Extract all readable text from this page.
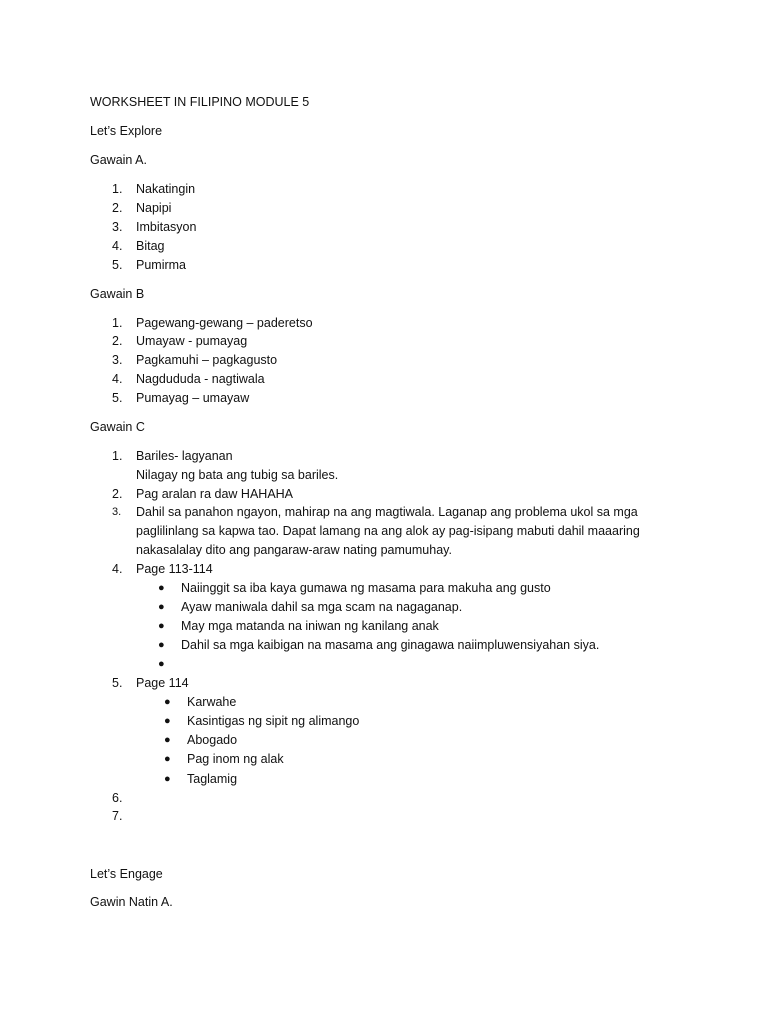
WORKSHEET IN FILIPINO MODULE 5
Let’s Explore
Gawain A.
1. Nakatingin
2. Napipi
3. Imbitasyon
4. Bitag
5. Pumirma
Gawain B
1. Pagewang-gewang – paderetso
2. Umayaw - pumayag
3. Pagkamuhi – pagkagusto
4. Nagdududa - nagtiwala
5. Pumayag – umayaw
Gawain C
1. Bariles- lagyanan
Nilagay ng bata ang tubig sa bariles.
2. Pag aralan ra daw HAHAHA
3. Dahil sa panahon ngayon, mahirap na ang magtiwala. Laganap ang problema ukol sa mga
paglilinlang sa kapwa tao. Dapat lamang na ang alok ay pag-isipang mabuti dahil maaaring
nakasalalay dito ang pangaraw-araw nating pamumuhay.
4. Page 113-114
● Naiinggit sa iba kaya gumawa ng masama para makuha ang gusto
● Ayaw maniwala dahil sa mga scam na nagaganap.
● May mga matanda na iniwan ng kanilang anak
● Dahil sa mga kaibigan na masama ang ginagawa naiimpluwensiyahan siya.
●
5. Page 114
● Karwahe
● Kasintigas ng sipit ng alimango
● Abogado
● Pag inom ng alak
● Taglamig
6.
7.
Let’s Engage
Gawin Natin A.
